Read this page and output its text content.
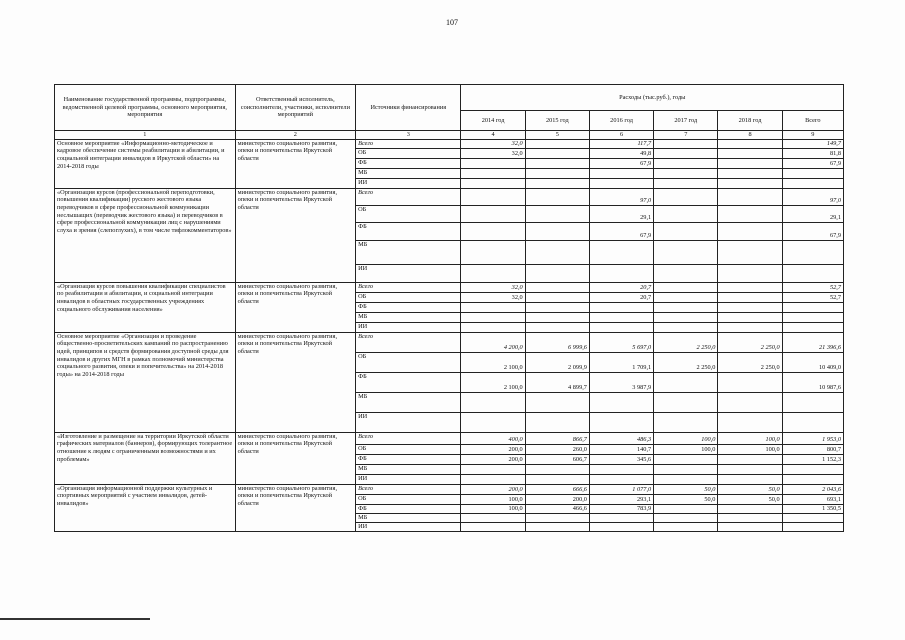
107
Наименование государственной программы, подпрограммы, ведомственной целевой программы, основного мероприятия, мероприятия	Ответственный исполнитель, соисполнители, участники, исполнители мероприятий	Источники финансирования	Расходы (тыс.руб.), годы					
			2014 год	2015 год	2016 год	2017 год	2018 год	Всего
1	2	3	4	5	6	7	8	9
Основное мероприятие «Информационно-методическое и кадровое обеспечение системы реабилитации и абилитации, и социальной интеграции инвалидов в Иркутской области» на 2014-2018 годы	министерство социального развития, опеки и попечительства Иркутской области	Всего	32,0		117,7			149,7
		ОБ	32,0		49,8			81,8
		ФБ			67,9			67,9
		МБ						
		ИИ						
«Организация курсов (профессиональной переподготовки, повышения квалификации) русского жестового языка переводчиков в сфере профессиональной коммуникации неслышащих (переводчик жестового языка) и переводчиков в сфере профессиональной коммуникации лиц с нарушениями слуха и зрения (слепоглухих), в том числе тифлокомментаторов»	министерство социального развития, опеки и попечительства Иркутской области	Всего			97,0			97,0
		ОБ			29,1			29,1
		ФБ			67,9			67,9
		МБ						
		ИИ						
«Организация курсов повышения квалификации специалистов по реабилитации и абилитации, и социальной интеграции инвалидов в областных государственных учреждениях социального обслуживания населения»	министерство социального развития, опеки и попечительства Иркутской области	Всего	32,0		20,7			52,7
		ОБ	32,0		20,7			52,7
		ФБ						
		МБ						
		ИИ						
Основное мероприятие «Организация и проведение общественно-просветительских кампаний по распространению идей, принципов и средств формирования доступной среды для инвалидов и других МГН в рамках полномочий министерства социального развития, опеки и попечительства» на 2014-2018 годы» на 2014-2018 годы	министерство социального развития, опеки и попечительства Иркутской области	Всего	4 200,0	6 999,6	5 697,0	2 250,0	2 250,0	21 396,6
		ОБ	2 100,0	2 099,9	1 709,1	2 250,0	2 250,0	10 409,0
		ФБ	2 100,0	4 899,7	3 987,9			10 987,6
		МБ						
		ИИ						
«Изготовление и размещение на территории Иркутской области графических материалов (баннеров), формирующих толерантное отношение к людям с ограниченными возможностями и их проблемам»	министерство социального развития, опеки и попечительства Иркутской области	Всего	400,0	866,7	486,3	100,0	100,0	1 953,0
		ОБ	200,0	260,0	140,7	100,0	100,0	800,7
		ФБ	200,0	606,7	345,6			1 152,3
		МБ						
		ИИ						
«Организация информационной поддержки культурных и спортивных мероприятий с участием инвалидов, детей-инвалидов»	министерство социального развития, опеки и попечительства Иркутской области	Всего	200,0	666,6	1 077,0	50,0	50,0	2 043,6
		ОБ	100,0	200,0	293,1	50,0	50,0	693,1
		ФБ	100,0	466,6	783,9			1 350,5
		МБ						
		ИИ						
